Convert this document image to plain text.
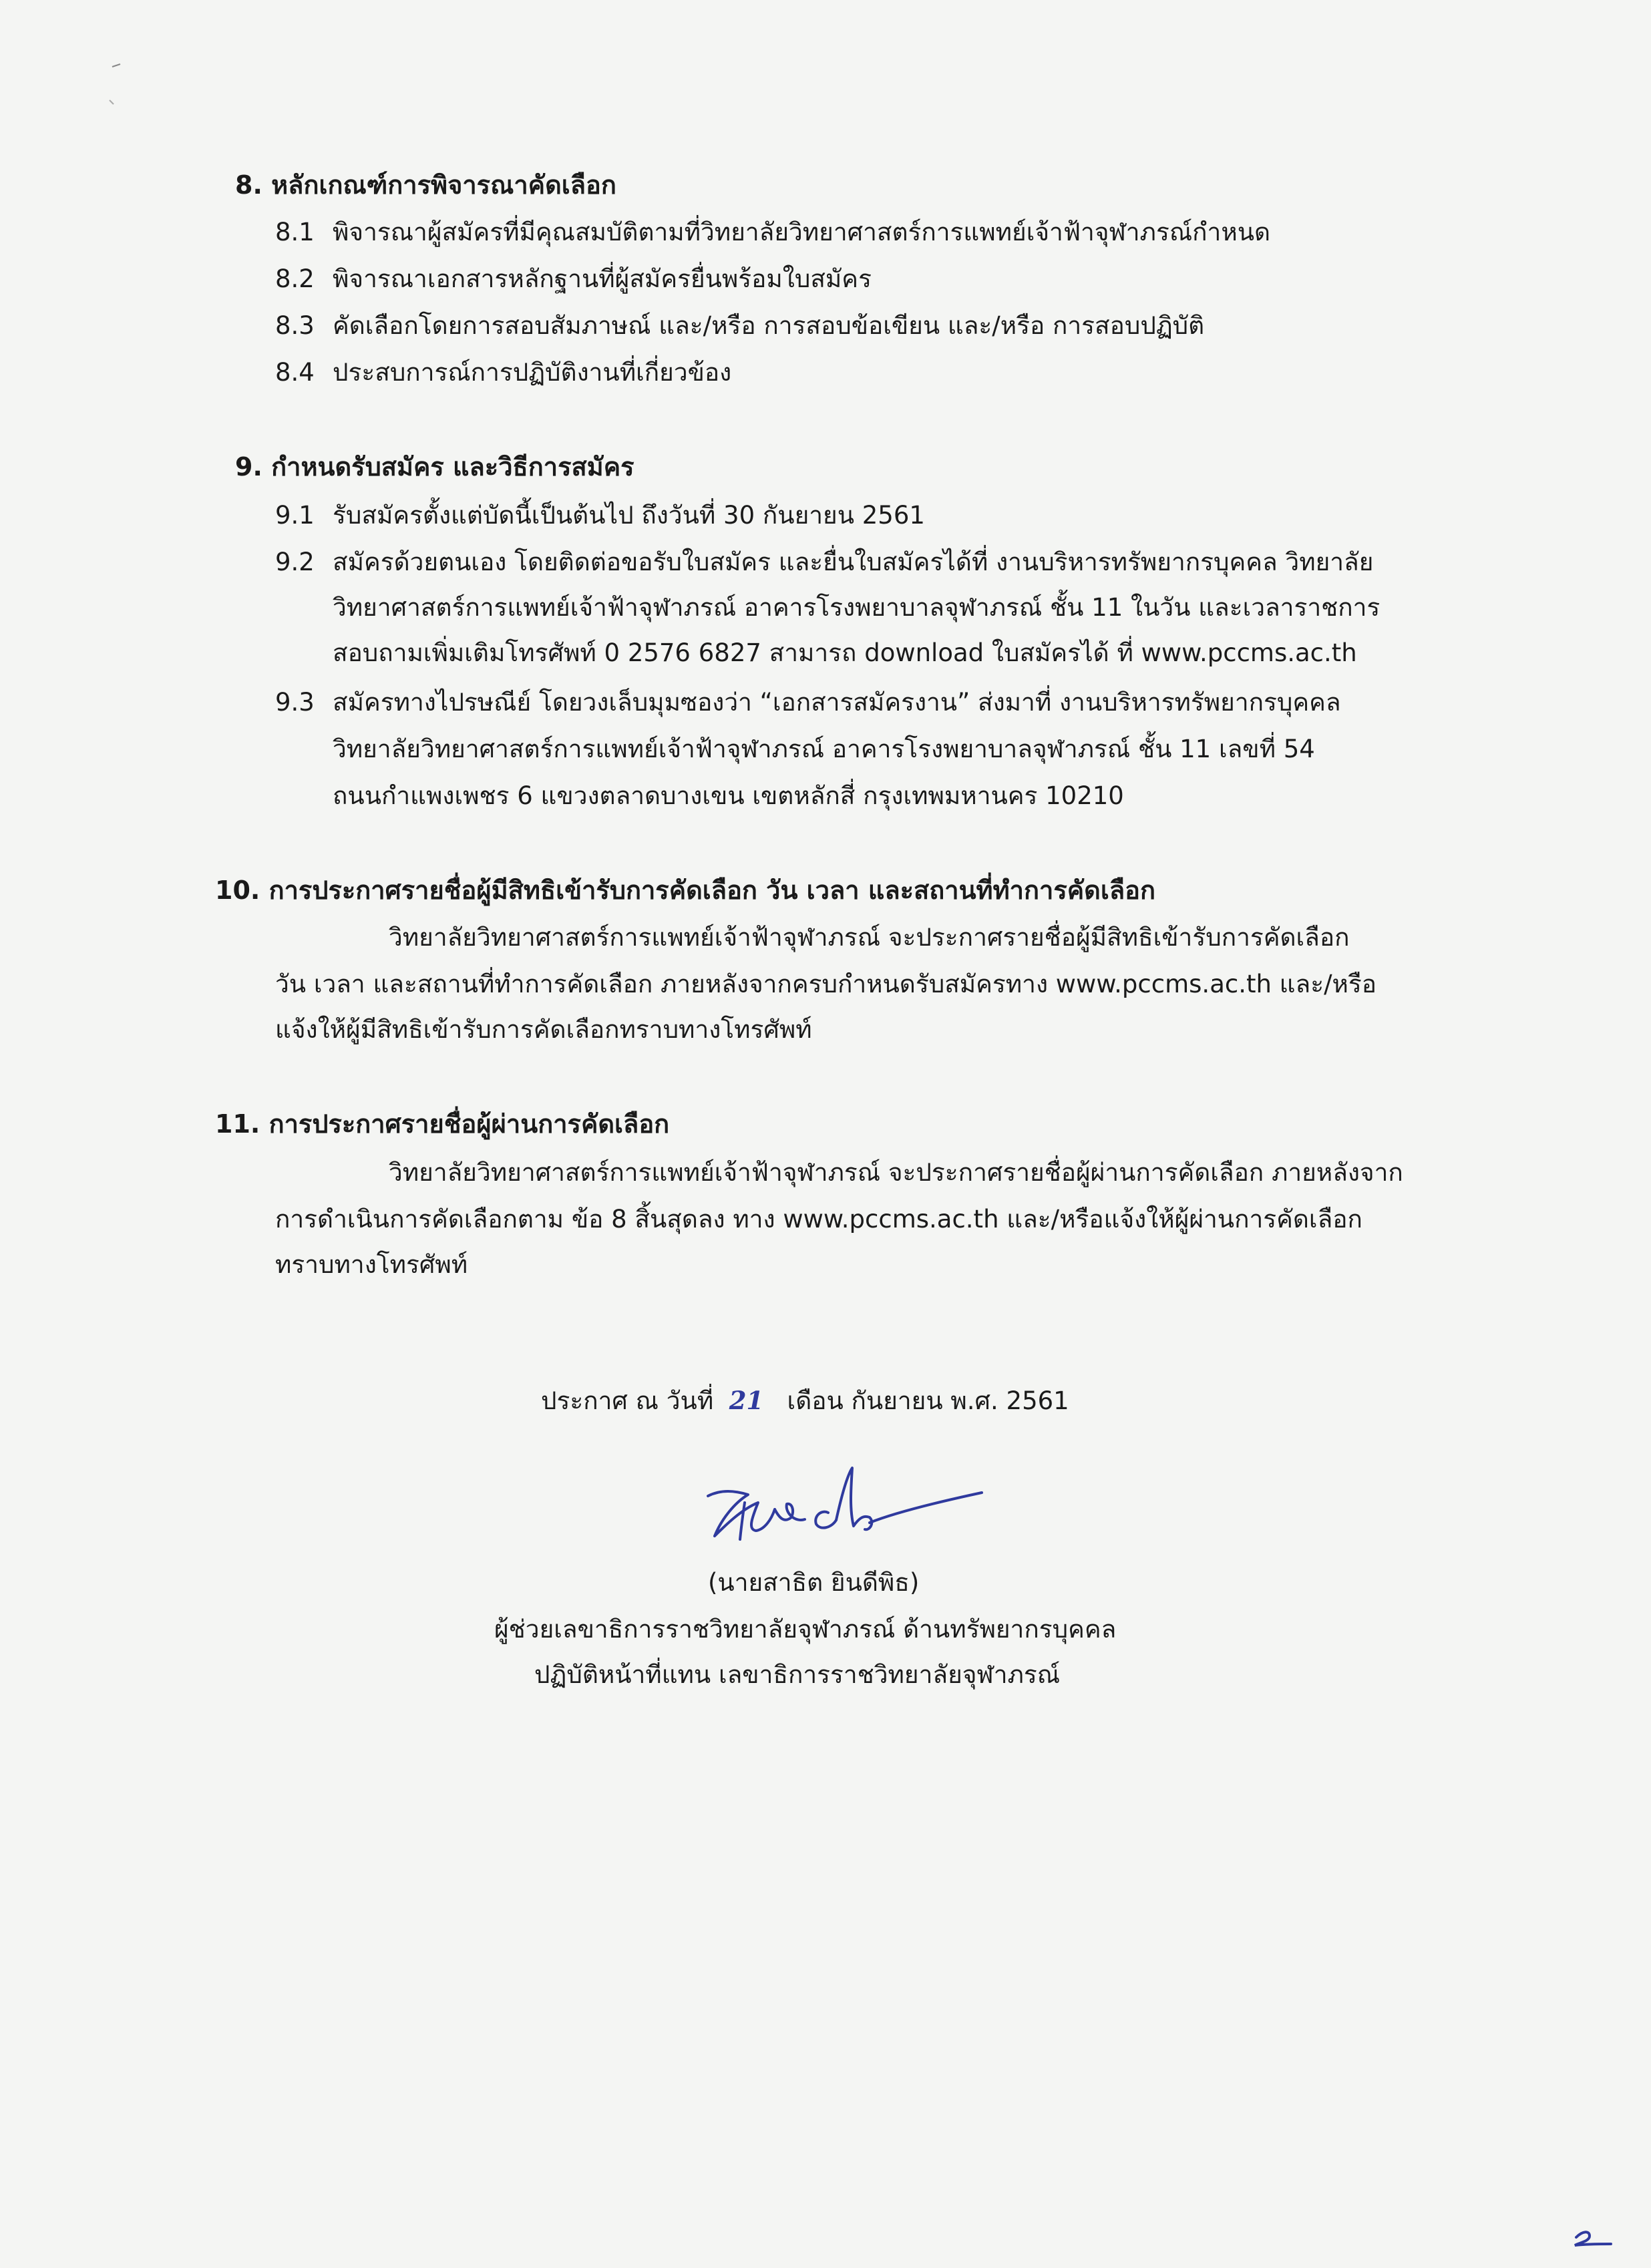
8. หลักเกณฑ์การพิจารณาคัดเลือก
8.1 พิจารณาผู้สมัครที่มีคุณสมบัติตามที่วิทยาลัยวิทยาศาสตร์การแพทย์เจ้าฟ้าจุฬาภรณ์กำหนด
8.2 พิจารณาเอกสารหลักฐานที่ผู้สมัครยื่นพร้อมใบสมัคร
8.3 คัดเลือกโดยการสอบสัมภาษณ์ และ/หรือ การสอบข้อเขียน และ/หรือ การสอบปฏิบัติ
8.4 ประสบการณ์การปฏิบัติงานที่เกี่ยวข้อง
9. กำหนดรับสมัคร และวิธีการสมัคร
9.1 รับสมัครตั้งแต่บัดนี้เป็นต้นไป ถึงวันที่ 30 กันยายน 2561
9.2 สมัครด้วยตนเอง โดยติดต่อขอรับใบสมัคร และยื่นใบสมัครได้ที่ งานบริหารทรัพยากรบุคคล วิทยาลัย
วิทยาศาสตร์การแพทย์เจ้าฟ้าจุฬาภรณ์ อาคารโรงพยาบาลจุฬาภรณ์ ชั้น 11 ในวัน และเวลาราชการ
สอบถามเพิ่มเติมโทรศัพท์ 0 2576 6827 สามารถ download ใบสมัครได้ ที่ www.pccms.ac.th
9.3 สมัครทางไปรษณีย์ โดยวงเล็บมุมซองว่า “เอกสารสมัครงาน” ส่งมาที่ งานบริหารทรัพยากรบุคคล
วิทยาลัยวิทยาศาสตร์การแพทย์เจ้าฟ้าจุฬาภรณ์ อาคารโรงพยาบาลจุฬาภรณ์ ชั้น 11 เลขที่ 54
ถนนกำแพงเพชร 6 แขวงตลาดบางเขน เขตหลักสี่ กรุงเทพมหานคร 10210
10. การประกาศรายชื่อผู้มีสิทธิเข้ารับการคัดเลือก วัน เวลา และสถานที่ทำการคัดเลือก
วิทยาลัยวิทยาศาสตร์การแพทย์เจ้าฟ้าจุฬาภรณ์ จะประกาศรายชื่อผู้มีสิทธิเข้ารับการคัดเลือก
วัน เวลา และสถานที่ทำการคัดเลือก ภายหลังจากครบกำหนดรับสมัครทาง www.pccms.ac.th และ/หรือ
แจ้งให้ผู้มีสิทธิเข้ารับการคัดเลือกทราบทางโทรศัพท์
11. การประกาศรายชื่อผู้ผ่านการคัดเลือก
วิทยาลัยวิทยาศาสตร์การแพทย์เจ้าฟ้าจุฬาภรณ์ จะประกาศรายชื่อผู้ผ่านการคัดเลือก ภายหลังจาก
การดำเนินการคัดเลือกตาม ข้อ 8 สิ้นสุดลง ทาง www.pccms.ac.th และ/หรือแจ้งให้ผู้ผ่านการคัดเลือก
ทราบทางโทรศัพท์
ประกาศ ณ วันที่ 21 เดือน กันยายน พ.ศ. 2561
(นายสาธิต ยินดีพิธ)
ผู้ช่วยเลขาธิการราชวิทยาลัยจุฬาภรณ์ ด้านทรัพยากรบุคคล
ปฏิบัติหน้าที่แทน เลขาธิการราชวิทยาลัยจุฬาภรณ์
